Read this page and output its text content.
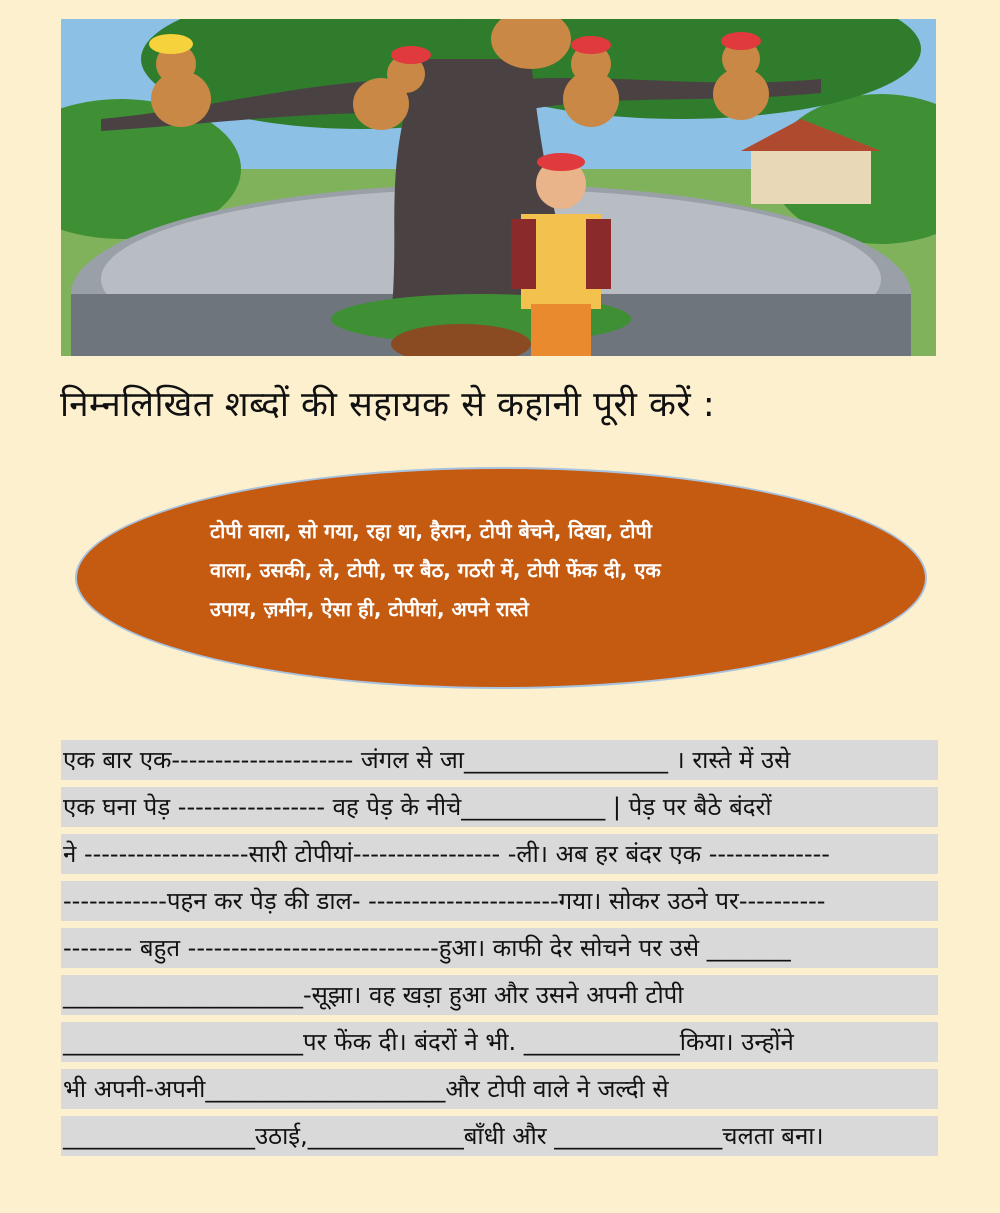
निम्नलिखित शब्दों की सहायक से कहानी पूरी करें :
टोपी वाला, सो गया, रहा था, हैरान, टोपी बेचने, दिखा, टोपी
वाला, उसकी, ले, टोपी, पर बैठ, गठरी में, टोपी फेंक दी, एक
उपाय, ज़मीन, ऐसा ही, टोपीयां, अपने रास्ते
एक बार एक--------------------- जंगल से जा_________________ । रास्ते में उसे
एक घना पेड़ ----------------- वह पेड़ के नीचे____________ | पेड़ पर बैठे बंदरों
ने -------------------सारी टोपीयां----------------- -ली। अब हर बंदर एक --------------
------------पहन कर पेड़ की डाल- ----------------------गया। सोकर उठने पर----------
-------- बहुत -----------------------------हुआ। काफी देर सोचने पर उसे _______
____________________-सूझा। वह खड़ा हुआ और उसने अपनी टोपी
____________________पर फेंक दी। बंदरों ने भी. _____________किया। उन्होंने
भी अपनी-अपनी____________________और टोपी वाले ने जल्दी से
________________उठाई,_____________बाँधी और ______________चलता बना।
